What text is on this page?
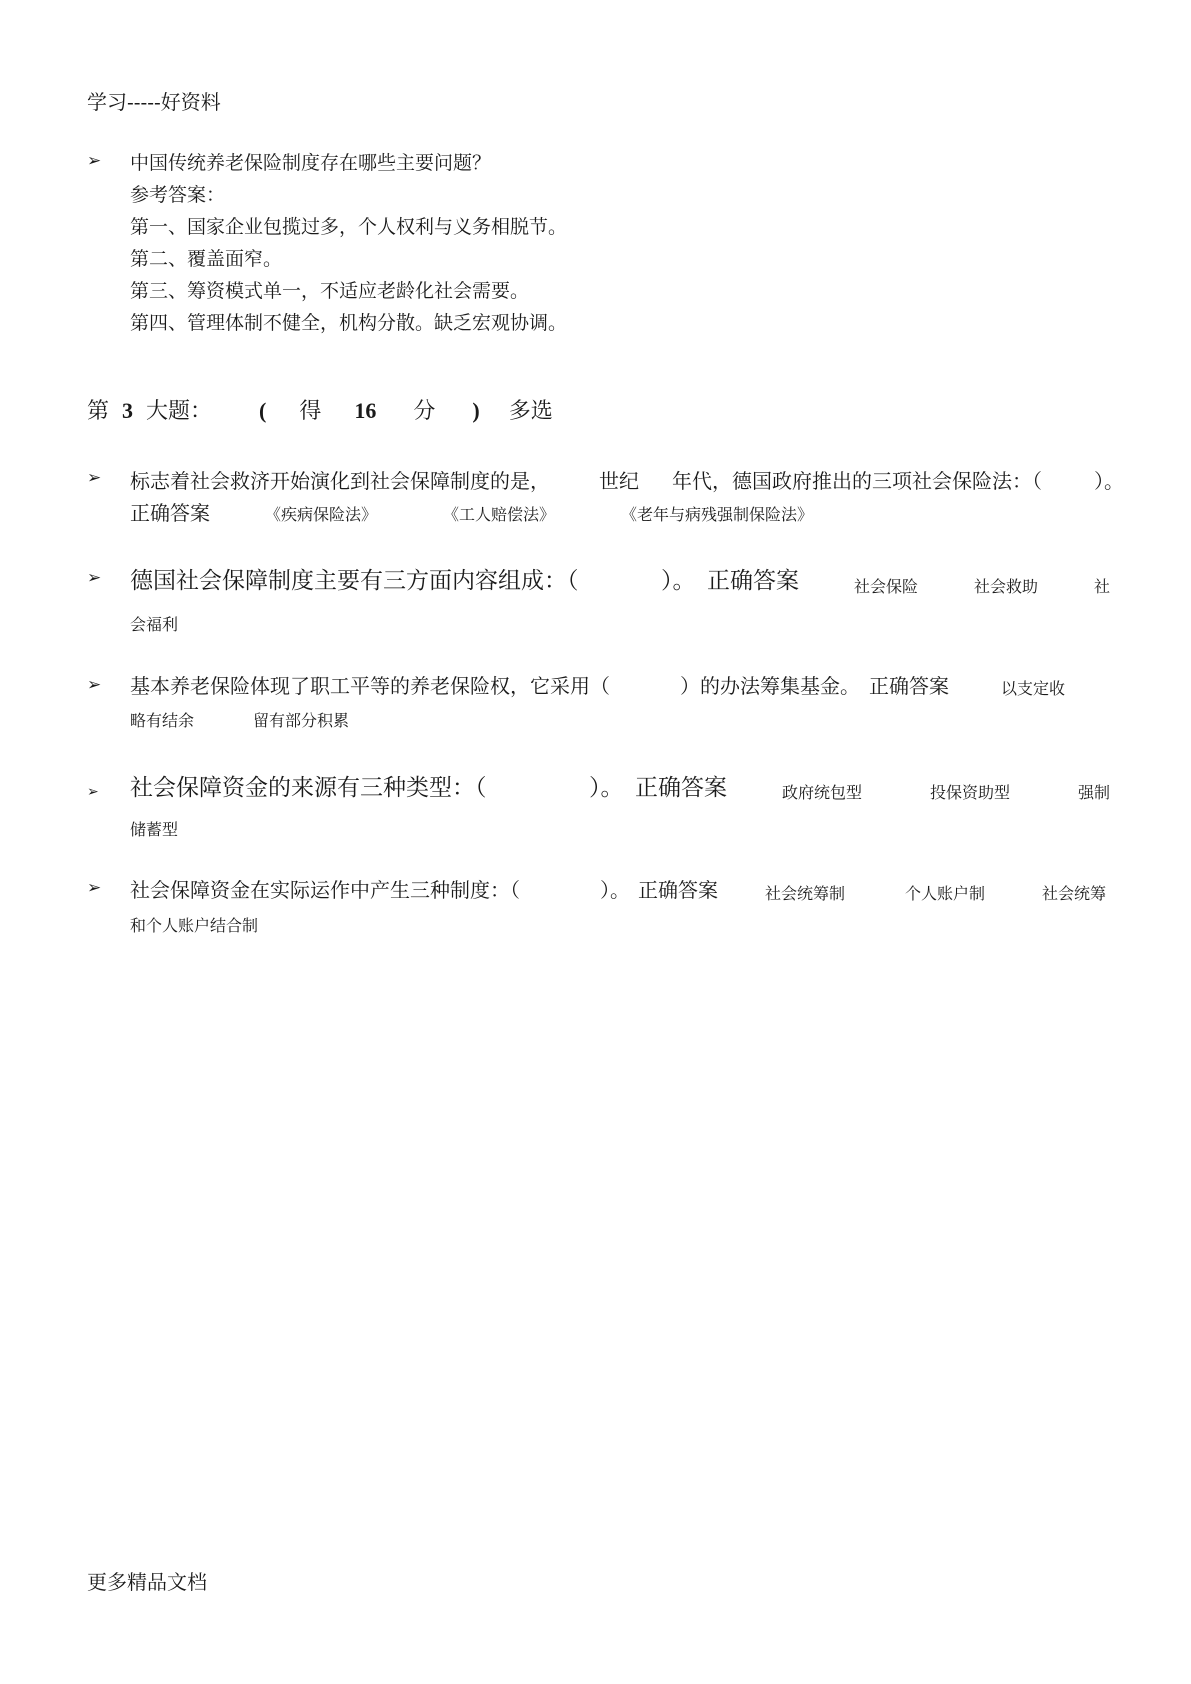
学习-----好资料
➢ 中国传统养老保险制度存在哪些主要问题？
参考答案：
第一、国家企业包揽过多，个人权利与义务相脱节。
第二、覆盖面窄。
第三、筹资模式单一，不适应老龄化社会需要。
第四、管理体制不健全，机构分散。缺乏宏观协调。
第 3 大题： ( 得 16 分 ) 多选
➢ 标志着社会救济开始演化到社会保障制度的是， 世纪 年代，德国政府推出的三项社会保险法：（	）。
正确答案	《疾病保险法》	《工人赔偿法》	《老年与病残强制保险法》
➢ 德国社会保障制度主要有三方面内容组成：（	）。 正确答案	社会保险	社会救助	社
会福利
➢ 基本养老保险体现了职工平等的养老保险权，它采用（	）的办法筹集基金。 正确答案	以支定收
略有结余	留有部分积累
➢ 社会保障资金的来源有三种类型：（	）。 正确答案	政府统包型	投保资助型	强制
储蓄型
➢ 社会保障资金在实际运作中产生三种制度：（	）。 正确答案	社会统筹制	个人账户制	社会统筹
和个人账户结合制
更多精品文档
